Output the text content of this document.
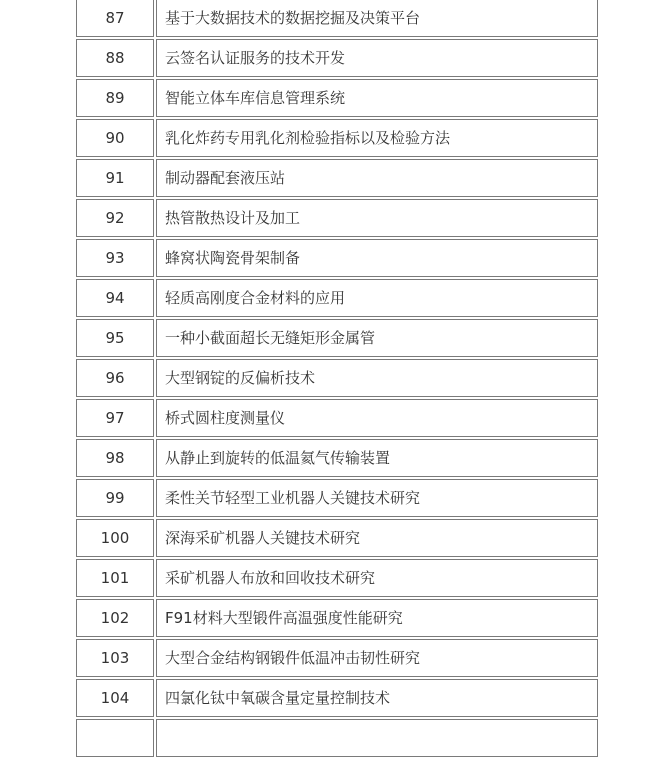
87	基于大数据技术的数据挖掘及决策平台
88	云签名认证服务的技术开发
89	智能立体车库信息管理系统
90	乳化炸药专用乳化剂检验指标以及检验方法
91	制动器配套液压站
92	热管散热设计及加工
93	蜂窝状陶瓷骨架制备
94	轻质高刚度合金材料的应用
95	一种小截面超长无缝矩形金属管
96	大型钢锭的反偏析技术
97	桥式圆柱度测量仪
98	从静止到旋转的低温氦气传输装置
99	柔性关节轻型工业机器人关键技术研究
100	深海采矿机器人关键技术研究
101	采矿机器人布放和回收技术研究
102	F91材料大型锻件高温强度性能研究
103	大型合金结构钢锻件低温冲击韧性研究
104	四氯化钛中氧碳含量定量控制技术
